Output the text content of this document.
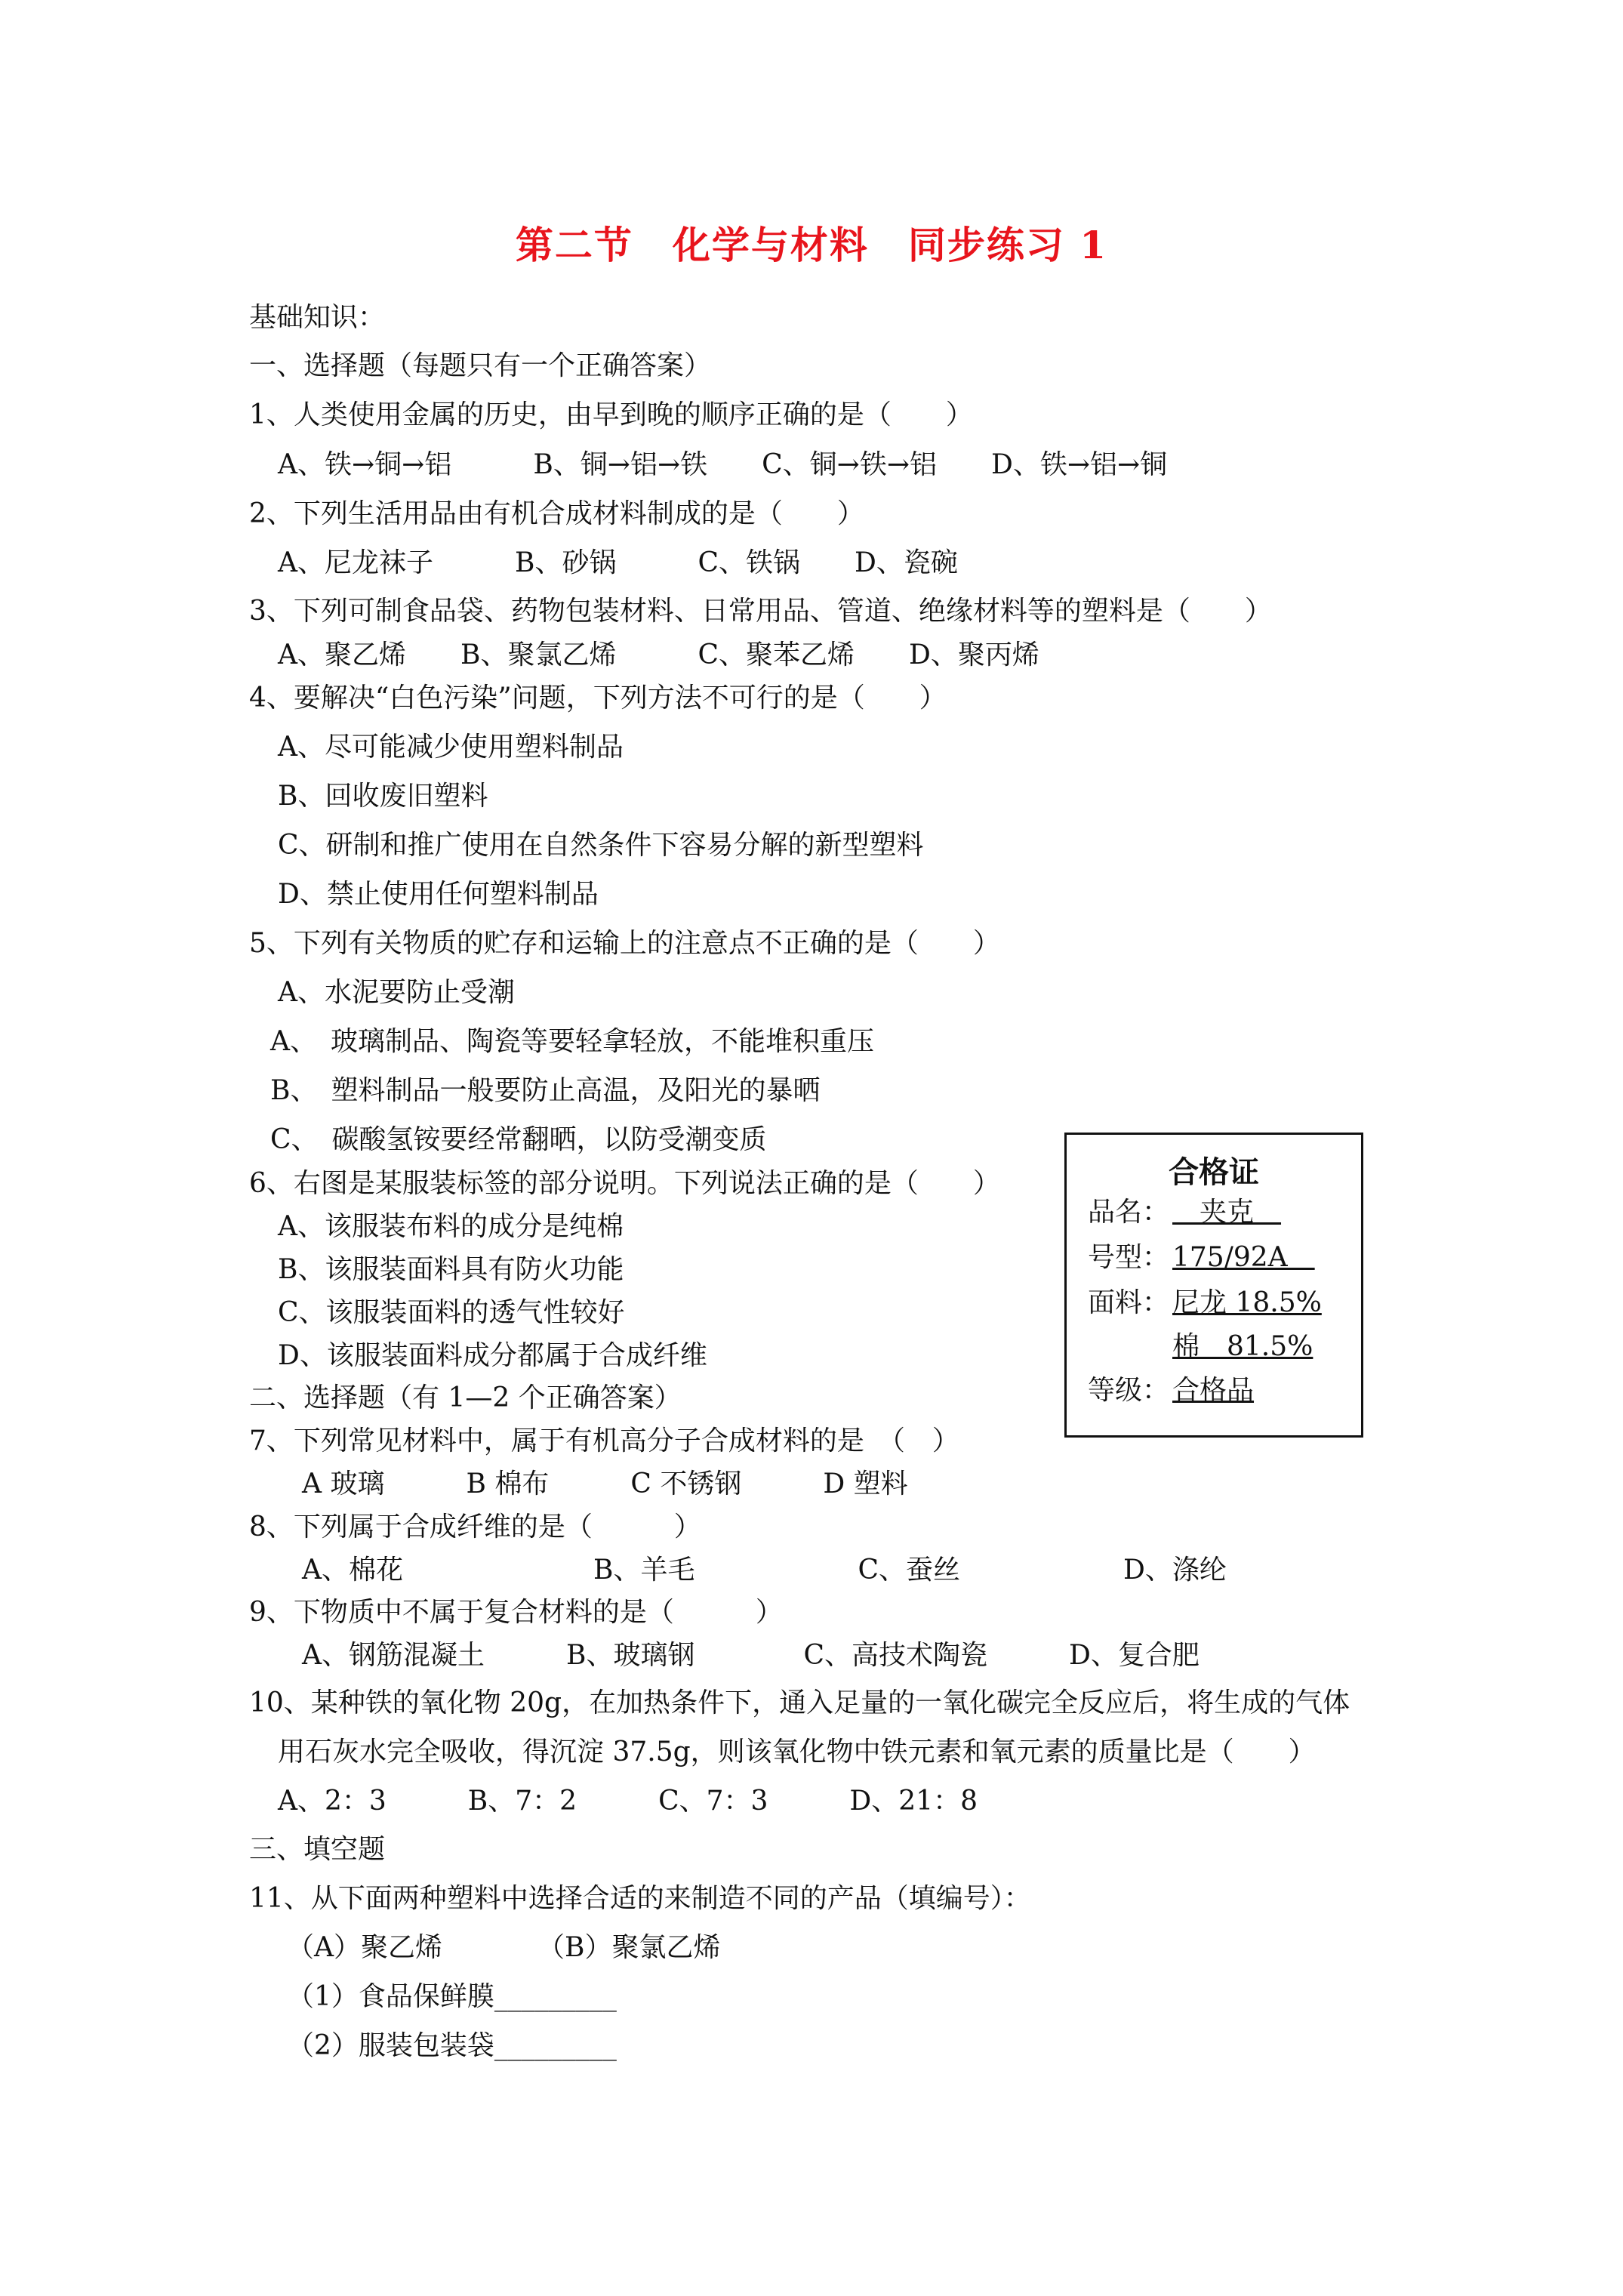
第二节　化学与材料　同步练习 1
基础知识：
一、选择题（每题只有一个正确答案）
1、人类使用金属的历史，由早到晚的顺序正确的是（　　）
A、铁→铜→铝　　　B、铜→铝→铁　　C、铜→铁→铝　　D、铁→铝→铜
2、下列生活用品由有机合成材料制成的是（　　）
A、尼龙袜子　　　B、砂锅　　　C、铁锅　　D、瓷碗
3、下列可制食品袋、药物包装材料、日常用品、管道、绝缘材料等的塑料是（　　）
A、聚乙烯　　B、聚氯乙烯　　　C、聚苯乙烯　　D、聚丙烯
4、要解决“白色污染”问题，下列方法不可行的是（　　）
A、尽可能减少使用塑料制品
B、回收废旧塑料
C、研制和推广使用在自然条件下容易分解的新型塑料
D、禁止使用任何塑料制品
5、下列有关物质的贮存和运输上的注意点不正确的是（　　）
A、水泥要防止受潮
A、　玻璃制品、陶瓷等要轻拿轻放，不能堆积重压
B、　塑料制品一般要防止高温，及阳光的暴晒
C、　碳酸氢铵要经常翻晒，以防受潮变质
6、右图是某服装标签的部分说明。下列说法正确的是（　　）
A、该服装布料的成分是纯棉
B、该服装面料具有防火功能
C、该服装面料的透气性较好
D、该服装面料成分都属于合成纤维
二、选择题（有 1—2 个正确答案）
7、下列常见材料中，属于有机高分子合成材料的是　（　）
A 玻璃　　　B 棉布　　　C 不锈钢　　　D 塑料
8、下列属于合成纤维的是（　　　）
A、棉花　　　　　　　B、羊毛　　　　　　C、蚕丝　　　　　　D、涤纶
9、下物质中不属于复合材料的是（　　　）
A、钢筋混凝土　　　B、玻璃钢　　　　C、高技术陶瓷　　　D、复合肥
10、某种铁的氧化物 20g，在加热条件下，通入足量的一氧化碳完全反应后，将生成的气体
用石灰水完全吸收，得沉淀 37.5g，则该氧化物中铁元素和氧元素的质量比是（　　）
A、2：3　　　B、7：2　　　C、7：3　　　D、21：8
三、填空题
11、从下面两种塑料中选择合适的来制造不同的产品（填编号）：
（A）聚乙烯　　　　（B）聚氯乙烯
（1）食品保鲜膜_________
（2）服装包装袋_________
合格证
品名： 　夹克　
号型： 175/92A　
面料： 尼龙 18.5%
棉　81.5%
等级： 合格品
